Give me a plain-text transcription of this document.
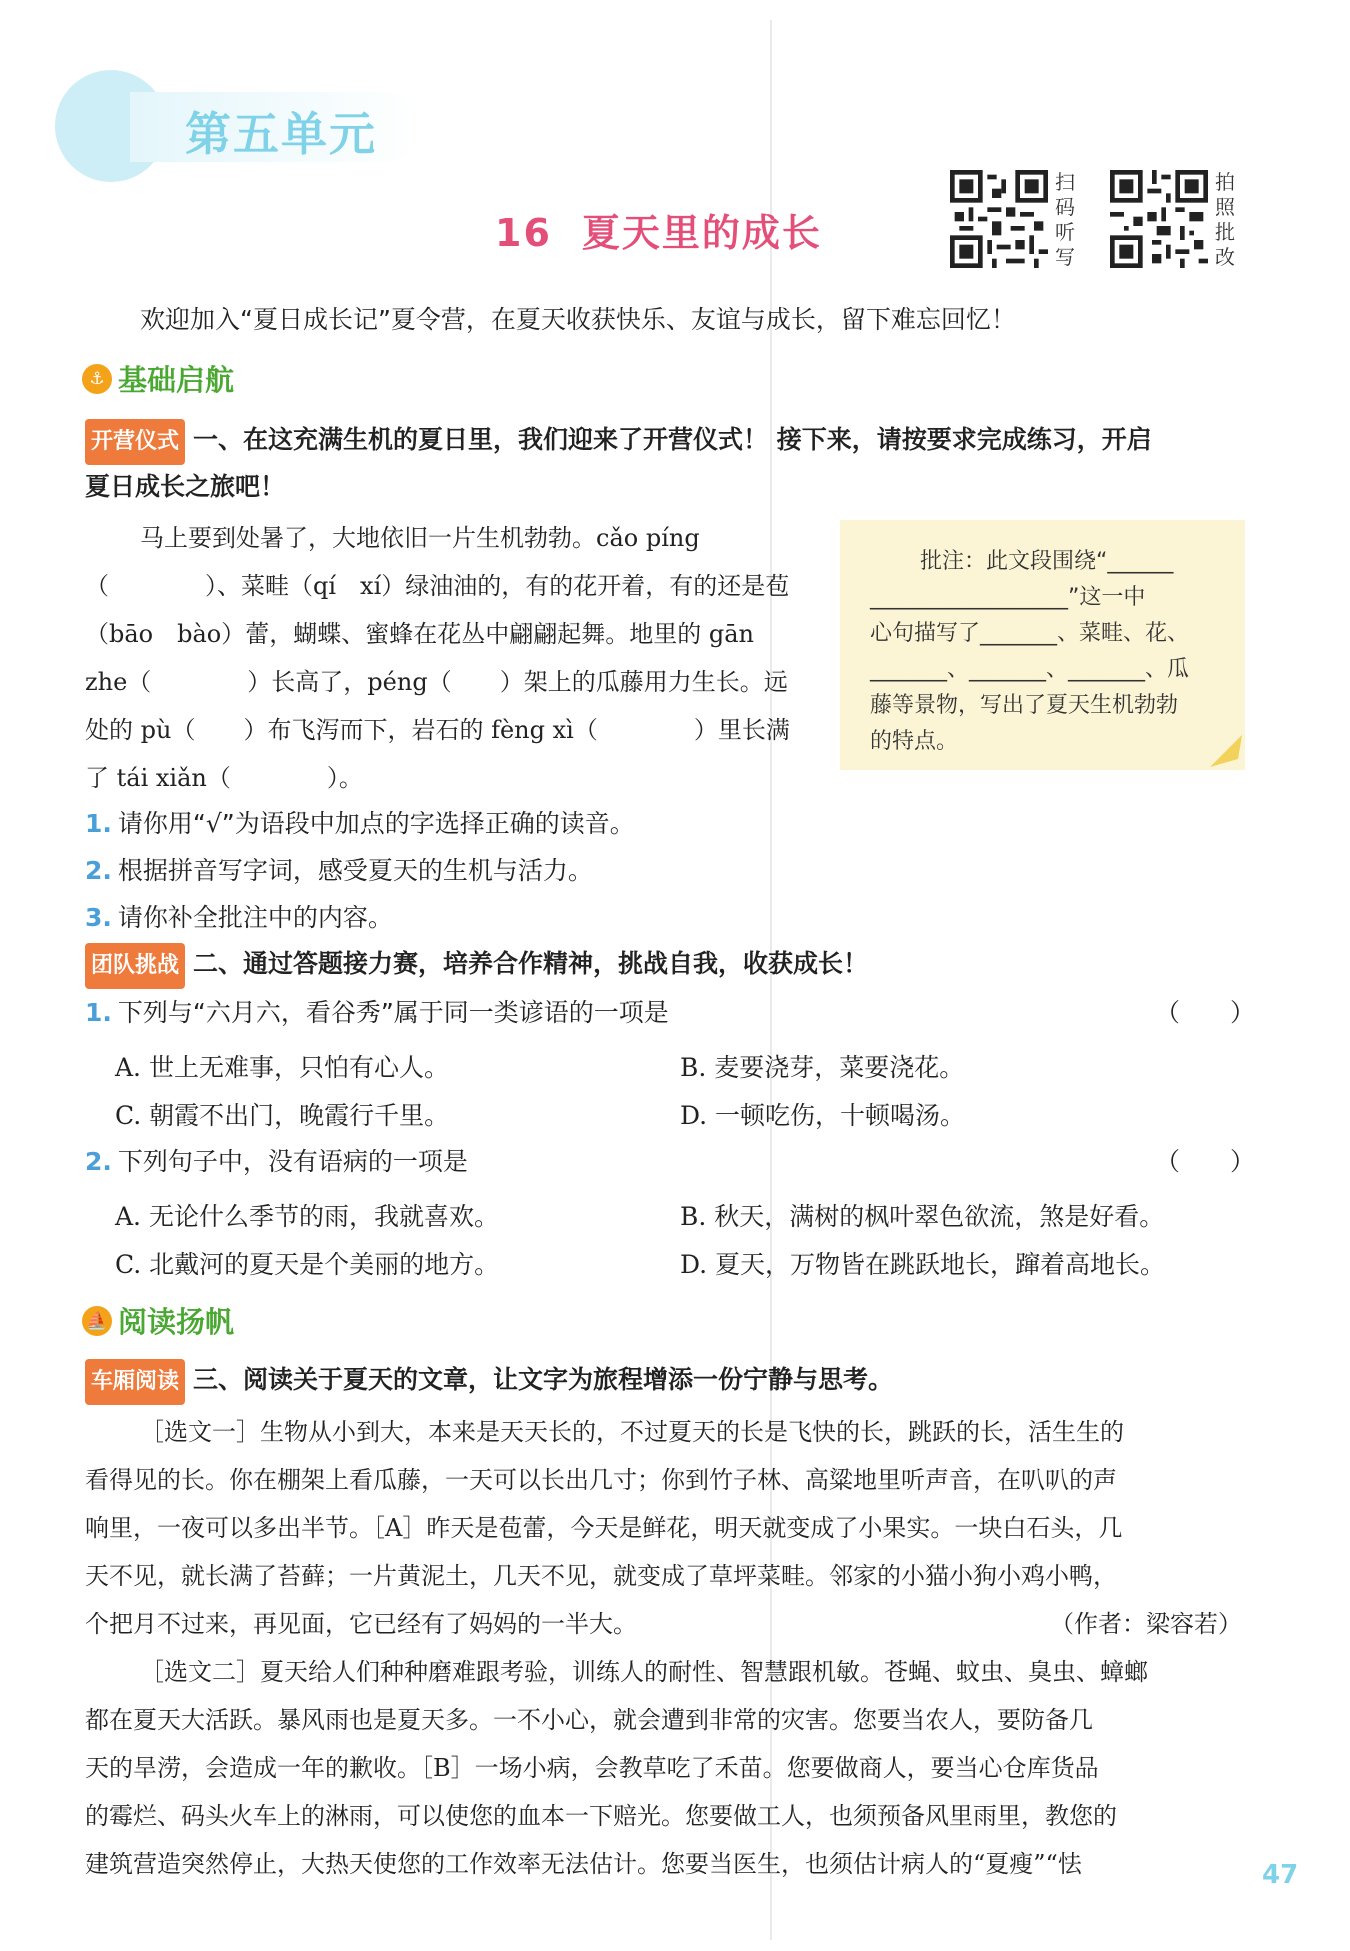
第五单元
16 夏天里的成长
扫码听写
拍照批改
欢迎加入“夏日成长记”夏令营，在夏天收获快乐、友谊与成长，留下难忘回忆！
⚓ 基础启航
开营仪式 一、在这充满生机的夏日里，我们迎来了开营仪式！ 接下来，请按要求完成练习，开启
夏日成长之旅吧！
马上要到处暑了，大地依旧一片生机勃勃。cǎo píng
（　　　　）、菜畦（qí　xí）绿油油的，有的花开着，有的还是苞
（bāo　bào）蕾，蝴蝶、蜜蜂在花丛中翩翩起舞。地里的 gān
zhe（　　　　）长高了，péng（　　）架上的瓜藤用力生长。远
处的 pù（　　）布飞泻而下，岩石的 fèng xì（　　　　）里长满
了 tái xiǎn（　　　　）。
批注：此文段围绕“______
__________________”这一中
心句描写了_______、菜畦、花、
_______、_______、_______、瓜
藤等景物，写出了夏天生机勃勃
的特点。
1. 请你用“√”为语段中加点的字选择正确的读音。
2. 根据拼音写字词，感受夏天的生机与活力。
3. 请你补全批注中的内容。
团队挑战 二、通过答题接力赛，培养合作精神，挑战自我，收获成长！
1. 下列与“六月六，看谷秀”属于同一类谚语的一项是	（　　）
A. 世上无难事，只怕有心人。	B. 麦要浇芽，菜要浇花。
C. 朝霞不出门，晚霞行千里。	D. 一顿吃伤，十顿喝汤。
2. 下列句子中，没有语病的一项是	（　　）
A. 无论什么季节的雨，我就喜欢。	B. 秋天，满树的枫叶翠色欲流，煞是好看。
C. 北戴河的夏天是个美丽的地方。	D. 夏天，万物皆在跳跃地长，蹿着高地长。
⛵ 阅读扬帆
车厢阅读 三、阅读关于夏天的文章，让文字为旅程增添一份宁静与思考。
［选文一］生物从小到大，本来是天天长的，不过夏天的长是飞快的长，跳跃的长，活生生的
看得见的长。你在棚架上看瓜藤，一天可以长出几寸；你到竹子林、高粱地里听声音，在叭叭的声
响里，一夜可以多出半节。［A］昨天是苞蕾，今天是鲜花，明天就变成了小果实。一块白石头，几
天不见，就长满了苔藓；一片黄泥土，几天不见，就变成了草坪菜畦。邻家的小猫小狗小鸡小鸭，
个把月不过来，再见面，它已经有了妈妈的一半大。	（作者：梁容若）
［选文二］夏天给人们种种磨难跟考验，训练人的耐性、智慧跟机敏。苍蝇、蚊虫、臭虫、蟑螂
都在夏天大活跃。暴风雨也是夏天多。一不小心，就会遭到非常的灾害。您要当农人，要防备几
天的旱涝，会造成一年的歉收。［B］一场小病，会教草吃了禾苗。您要做商人，要当心仓库货品
的霉烂、码头火车上的淋雨，可以使您的血本一下赔光。您要做工人，也须预备风里雨里，教您的
建筑营造突然停止，大热天使您的工作效率无法估计。您要当医生，也须估计病人的“夏瘦”“怯	47
